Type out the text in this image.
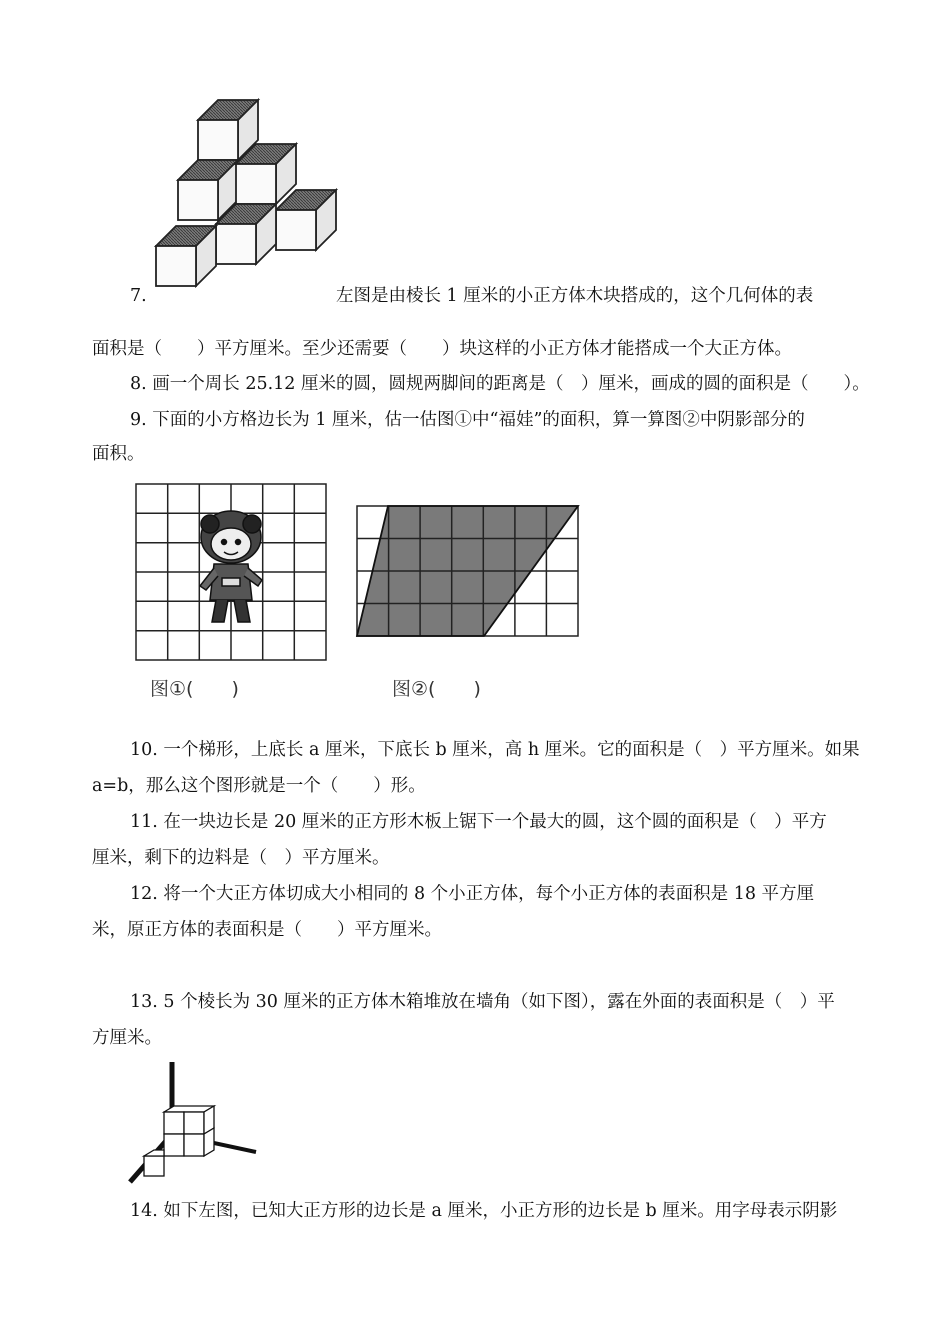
7.	左图是由棱长 1 厘米的小正方体木块搭成的，这个几何体的表
面积是（　　）平方厘米。至少还需要（　　）块这样的小正方体才能搭成一个大正方体。
8. 画一个周长 25.12 厘米的圆，圆规两脚间的距离是（　）厘米，画成的圆的面积是（　　）。
9. 下面的小方格边长为 1 厘米，估一估图①中“福娃”的面积，算一算图②中阴影部分的
面积。
图①(　　)	图②(　　)
10. 一个梯形，上底长 a 厘米，下底长 b 厘米，高 h 厘米。它的面积是（　）平方厘米。如果
a=b，那么这个图形就是一个（　　）形。
11. 在一块边长是 20 厘米的正方形木板上锯下一个最大的圆，这个圆的面积是（　）平方
厘米，剩下的边料是（　）平方厘米。
12. 将一个大正方体切成大小相同的 8 个小正方体，每个小正方体的表面积是 18 平方厘
米，原正方体的表面积是（　　）平方厘米。
13. 5 个棱长为 30 厘米的正方体木箱堆放在墙角（如下图），露在外面的表面积是（　）平
方厘米。
14. 如下左图，已知大正方形的边长是 a 厘米，小正方形的边长是 b 厘米。用字母表示阴影
